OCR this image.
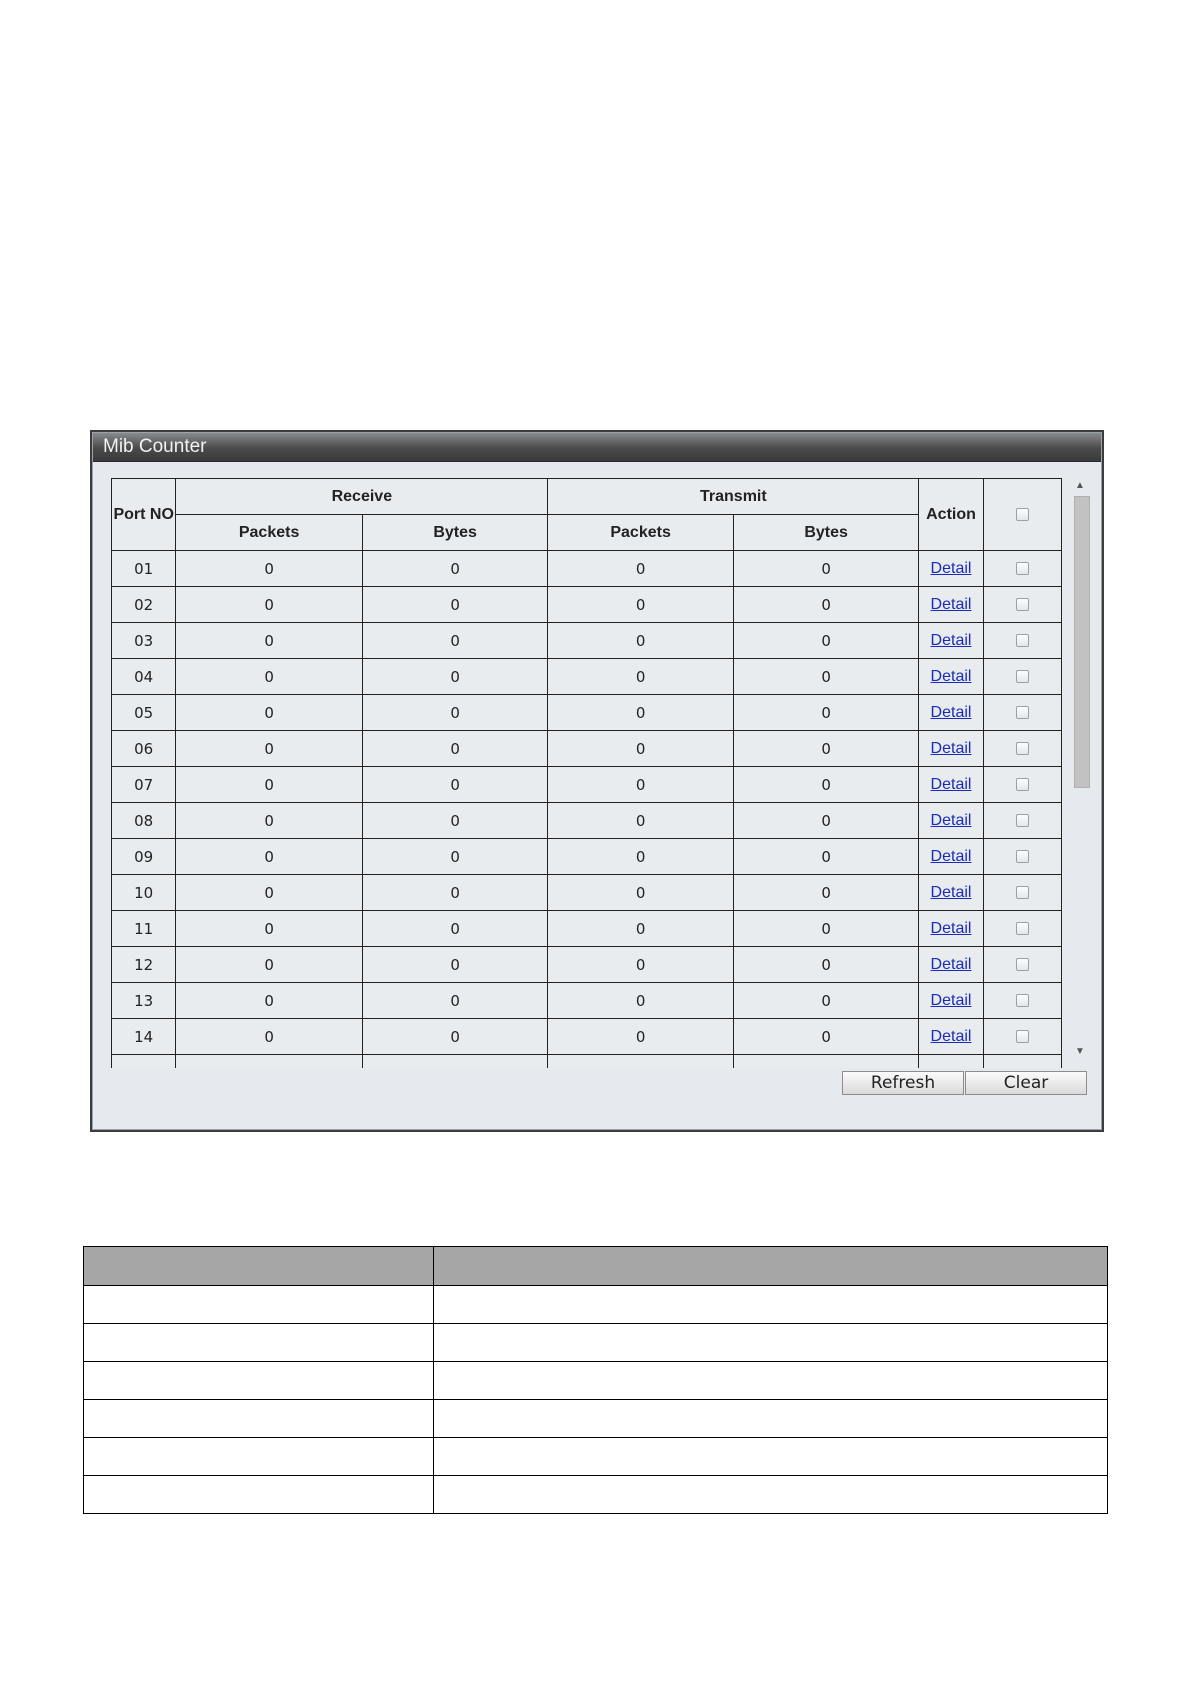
Mib Counter
Port NO	Receive		Transmit		Action	
	Packets	Bytes	Packets	Bytes		
01	0	0	0	0	Detail	
02	0	0	0	0	Detail	
03	0	0	0	0	Detail	
04	0	0	0	0	Detail	
05	0	0	0	0	Detail	
06	0	0	0	0	Detail	
07	0	0	0	0	Detail	
08	0	0	0	0	Detail	
09	0	0	0	0	Detail	
10	0	0	0	0	Detail	
11	0	0	0	0	Detail	
12	0	0	0	0	Detail	
13	0	0	0	0	Detail	
14	0	0	0	0	Detail	

▲
▼
Refresh	Clear
